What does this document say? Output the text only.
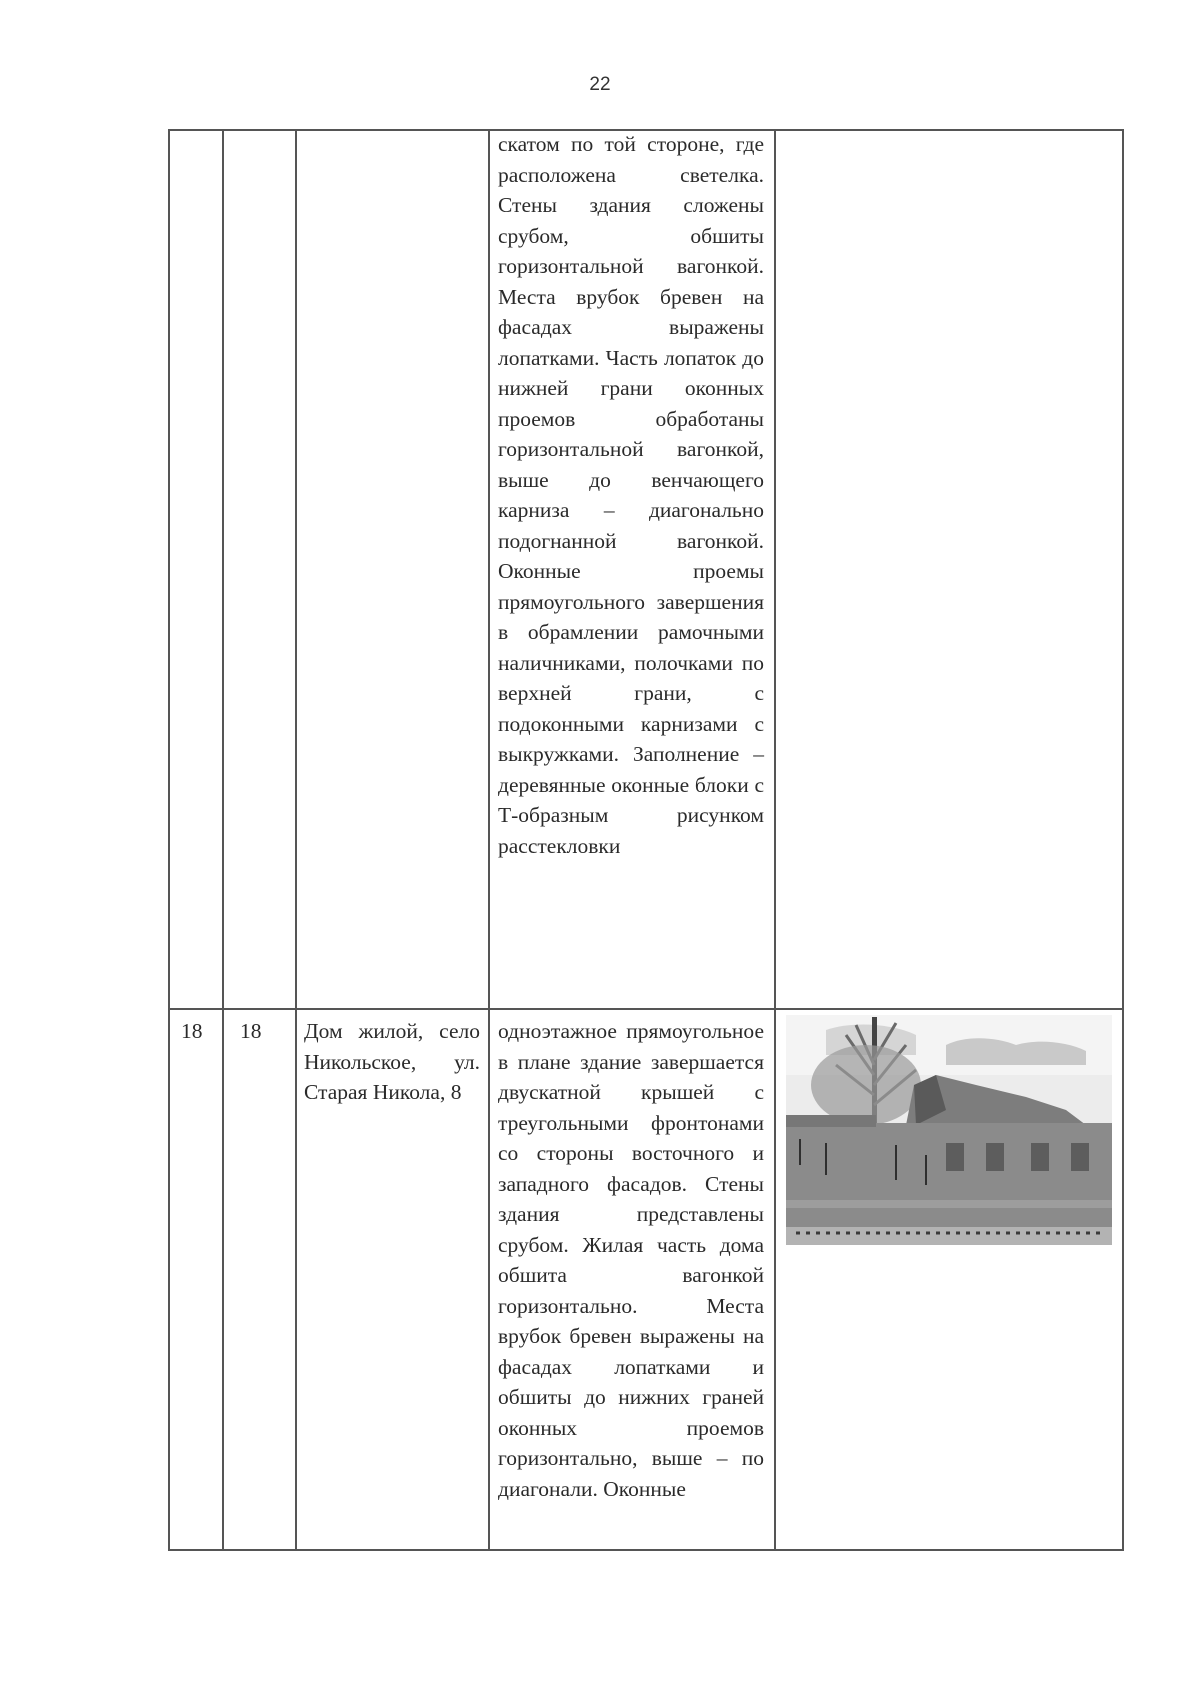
22
скатом по той стороне, где расположена светелка. Стены здания сложены срубом, обшиты горизонтальной вагонкой. Места врубок бревен на фасадах выражены лопатками. Часть лопаток до нижней грани оконных проемов обработаны горизонтальной вагонкой, выше до венчающего карниза – диагонально подогнанной вагонкой. Оконные проемы прямоугольного завершения в обрамлении рамочными наличниками, полочками по верхней грани, с подоконными карнизами с выкружками. Заполнение – деревянные оконные блоки с Т-образным рисунком расстекловки
18	18	Дом жилой, село Никольское, ул. Старая Никола, 8
одноэтажное прямоугольное в плане здание завершается двускатной крышей с треугольными фронтонами со стороны восточного и западного фасадов. Стены здания представлены срубом. Жилая часть дома обшита вагонкой горизонтально. Места врубок бревен выражены на фасадах лопатками и обшиты до нижних граней оконных проемов горизонтально, выше – по диагонали. Оконные
